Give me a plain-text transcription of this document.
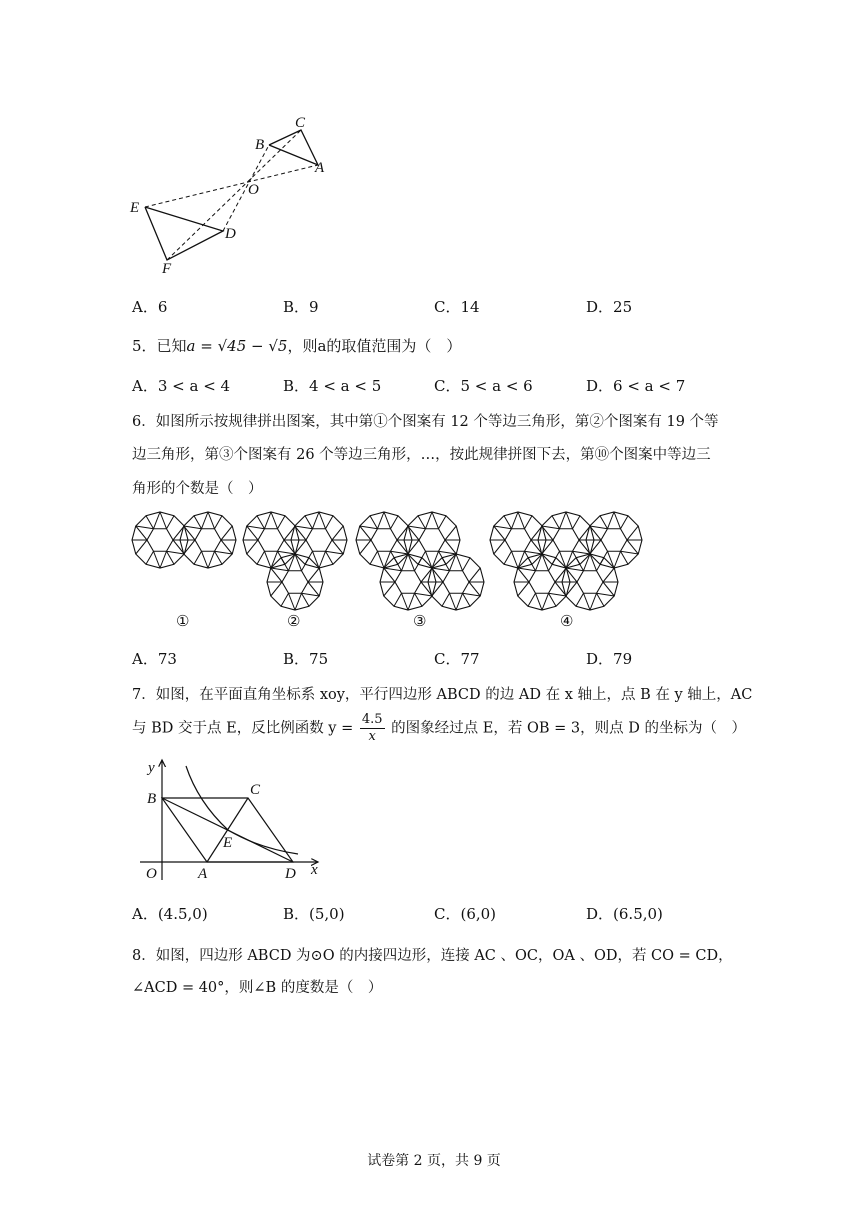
C
B
A
O
E
D
F
A．6	B．9	C．14	D．25
5．已知a = √45 − √5，则a的取值范围为（　）
A．3 < a < 4	B．4 < a < 5	C．5 < a < 6	D．6 < a < 7
6．如图所示按规律拼出图案，其中第①个图案有 12 个等边三角形，第②个图案有 19 个等
边三角形，第③个图案有 26 个等边三角形，…，按此规律拼图下去，第⑩个图案中等边三
角形的个数是（　）
①	②	③	④
A．73	B．75	C．77	D．79
7．如图，在平面直角坐标系 xoy，平行四边形 ABCD 的边 AD 在 x 轴上，点 B 在 y 轴上，AC
与 BD 交于点 E，反比例函数 $y = \frac{4.5}{x}$ 的图象经过点 E，若 OB = 3，则点 D 的坐标为（　）
y
B
C
E
O	A	D x
A．(4.5,0)	B．(5,0)	C．(6,0)	D．(6.5,0)
8．如图，四边形 ABCD 为⊙O 的内接四边形，连接 AC 、OC，OA 、OD，若 CO = CD，
∠ACD = 40°，则∠B 的度数是（　）
试卷第 2 页，共 9 页
